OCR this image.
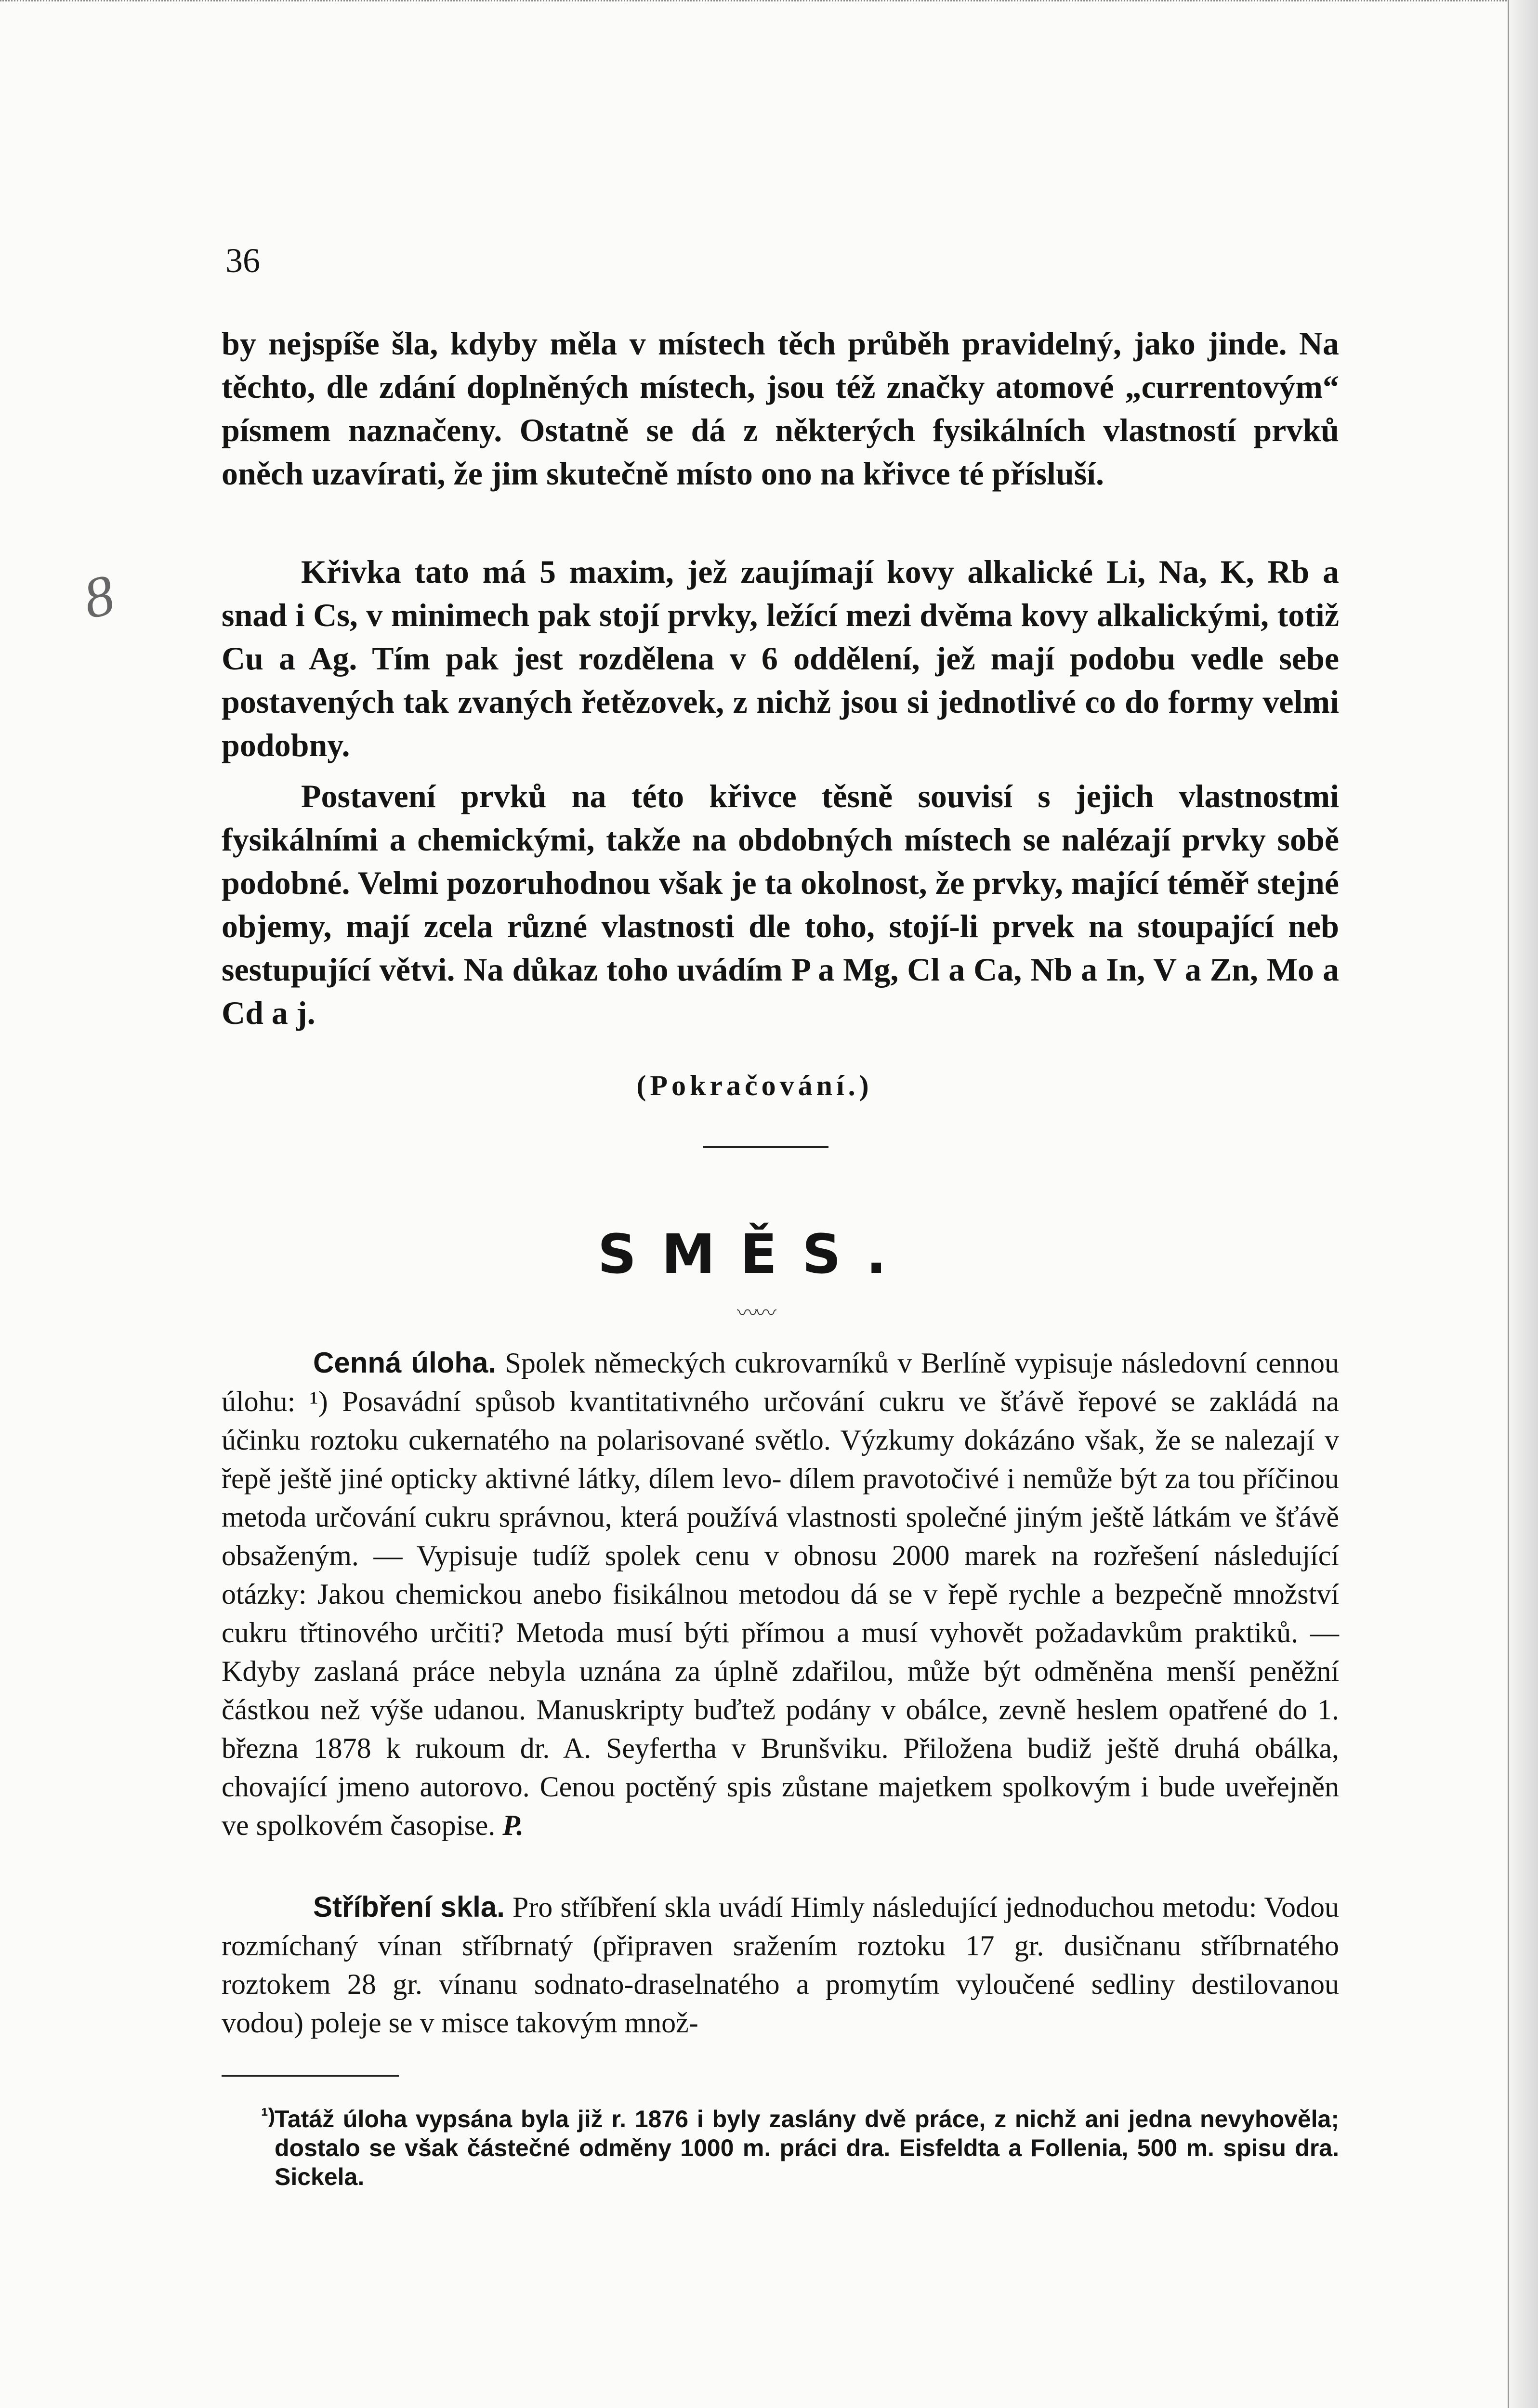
36
8

by nejspíše šla, kdyby měla v místech těch průběh pravidelný, jako jinde. Na těchto, dle zdání doplněných místech, jsou též značky atomové „currentovým“ písmem naznačeny. Ostatně se dá z některých fysikálních vlastností prvků oněch uzavírati, že jim skutečně místo ono na křivce té přísluší.

Křivka tato má 5 maxim, jež zaujímají kovy alkalické Li, Na, K, Rb a snad i Cs, v minimech pak stojí prvky, ležící mezi dvěma kovy alkalickými, totiž Cu a Ag. Tím pak jest rozdělena v 6 oddělení, jež mají podobu vedle sebe postavených tak zvaných řetězovek, z nichž jsou si jednotlivé co do formy velmi podobny.

Postavení prvků na této křivce těsně souvisí s jejich vlastnostmi fysikálními a chemickými, takže na obdobných místech se nalézají prvky sobě podobné. Velmi pozoruhodnou však je ta okolnost, že prvky, mající téměř stejné objemy, mají zcela různé vlastnosti dle toho, stojí-li prvek na stoupající neb sestupující větvi. Na důkaz toho uvádím P a Mg, Cl a Ca, Nb a In, V a Zn, Mo a Cd a j.

(Pokračování.)
SMĚS.
〰〰

Cenná úloha. Spolek německých cukrovarníků v Berlíně vypisuje následovní cennou úlohu: ¹) Posavádní spůsob kvantitativného určování cukru ve šťávě řepové se zakládá na účinku roztoku cukernatého na polarisované světlo. Výzkumy dokázáno však, že se nalezají v řepě ještě jiné opticky aktivné látky, dílem levo- dílem pravotočivé i nemůže být za tou příčinou metoda určování cukru správnou, která používá vlastnosti společné jiným ještě látkám ve šťávě obsaženým. — Vypisuje tudíž spolek cenu v obnosu 2000 marek na rozřešení následující otázky: Jakou chemickou anebo fisikálnou metodou dá se v řepě rychle a bezpečně množství cukru třtinového určiti? Metoda musí býti přímou a musí vyhovět požadavkům praktiků. — Kdyby zaslaná práce nebyla uznána za úplně zdařilou, může být odměněna menší peněžní částkou než výše udanou. Manuskripty buďtež podány v obálce, zevně heslem opatřené do 1. března 1878 k rukoum dr. A. Seyfertha v Brunšviku. Přiložena budiž ještě druhá obálka, chovající jmeno autorovo. Cenou poctěný spis zůstane majetkem spolkovým i bude uveřejněn ve spolkovém časopise. P.

Stříbření skla. Pro stříbření skla uvádí Himly následující jednoduchou metodu: Vodou rozmíchaný vínan stříbrnatý (připraven sražením roztoku 17 gr. dusičnanu stříbrnatého roztokem 28 gr. vínanu sodnato-draselnatého a promytím vyloučené sedliny destilovanou vodou) poleje se v misce takovým množ-

¹)
Tatáž úloha vypsána byla již r. 1876 i byly zaslány dvě práce, z nichž ani jedna nevyhověla; dostalo se však částečné odměny 1000 m. práci dra. Eisfeldta a Follenia, 500 m. spisu dra. Sickela.
